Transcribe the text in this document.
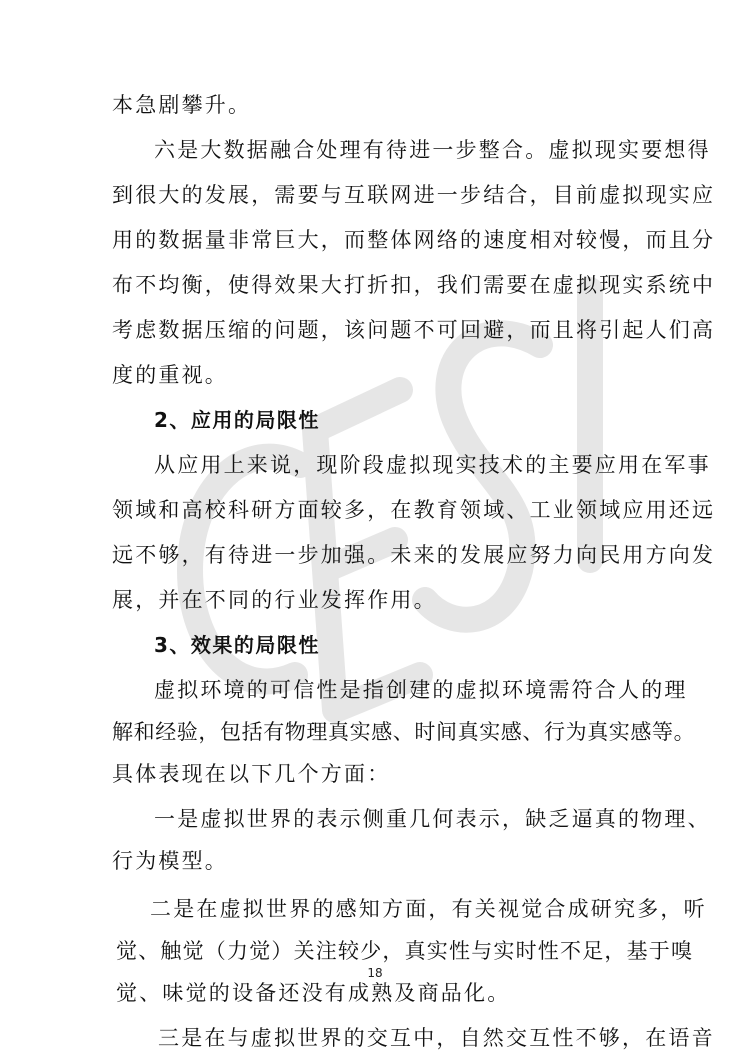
本急剧攀升。
六是大数据融合处理有待进一步整合。虚拟现实要想得
到很大的发展，需要与互联网进一步结合，目前虚拟现实应
用的数据量非常巨大，而整体网络的速度相对较慢，而且分
布不均衡，使得效果大打折扣，我们需要在虚拟现实系统中
考虑数据压缩的问题，该问题不可回避，而且将引起人们高
度的重视。
2、应用的局限性
从应用上来说，现阶段虚拟现实技术的主要应用在军事
领域和高校科研方面较多，在教育领域、工业领域应用还远
远不够，有待进一步加强。未来的发展应努力向民用方向发
展，并在不同的行业发挥作用。
3、效果的局限性
虚拟环境的可信性是指创建的虚拟环境需符合人的理
解和经验，包括有物理真实感、时间真实感、行为真实感等。
具体表现在以下几个方面：
一是虚拟世界的表示侧重几何表示，缺乏逼真的物理、
行为模型。
二是在虚拟世界的感知方面，有关视觉合成研究多，听
觉、触觉（力觉）关注较少，真实性与实时性不足，基于嗅
觉、味觉的设备还没有成熟及商品化。
三是在与虚拟世界的交互中，自然交互性不够，在语音
18
